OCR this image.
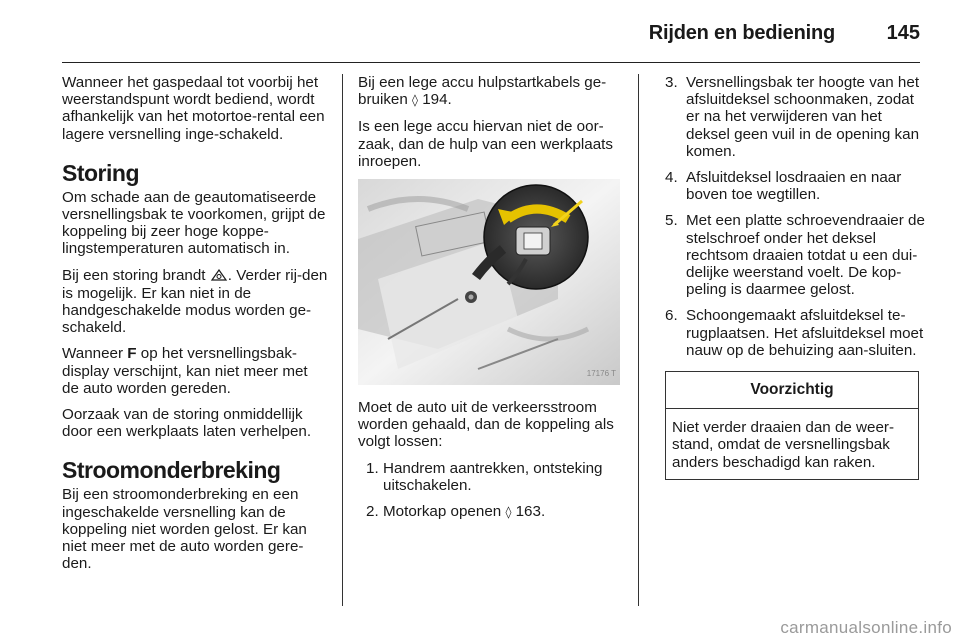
Rijden en bediening	145

Wanneer het gaspedaal tot voorbij het weerstandspunt wordt bediend, wordt afhankelijk van het motortoe-rental een lagere versnelling inge-schakeld.

Storing

Om schade aan de geautomatiseerde versnellingsbak te voorkomen, grijpt de koppeling bij zeer hoge koppe-lingstemperaturen automatisch in.

Bij een storing brandt . Verder rij-den is mogelijk. Er kan niet in de handgeschakelde modus worden ge-schakeld.

Wanneer F op het versnellingsbak-display verschijnt, kan niet meer met de auto worden gereden.

Oorzaak van de storing onmiddellijk door een werkplaats laten verhelpen.

Stroomonderbreking

Bij een stroomonderbreking en een ingeschakelde versnelling kan de koppeling niet worden gelost. Er kan niet meer met de auto worden gere-den.

Bij een lege accu hulpstartkabels ge-bruiken ◊ 194.

Is een lege accu hiervan niet de oor-zaak, dan de hulp van een werkplaats inroepen.

17176 T

Moet de auto uit de verkeersstroom worden gehaald, dan de koppeling als volgt lossen:

1. Handrem aantrekken, ontsteking uitschakelen.
2. Motorkap openen ◊ 163.
3. Versnellingsbak ter hoogte van het afsluitdeksel schoonmaken, zodat er na het verwijderen van het deksel geen vuil in de opening kan komen.
4. Afsluitdeksel losdraaien en naar boven toe wegtillen.
5. Met een platte schroevendraaier de stelschroef onder het deksel rechtsom draaien totdat u een dui-delijke weerstand voelt. De kop-peling is daarmee gelost.
6. Schoongemaakt afsluitdeksel te-rugplaatsen. Het afsluitdeksel moet nauw op de behuizing aan-sluiten.
Voorzichtig
Niet verder draaien dan de weer-stand, omdat de versnellingsbak anders beschadigd kan raken.
carmanualsonline.info
